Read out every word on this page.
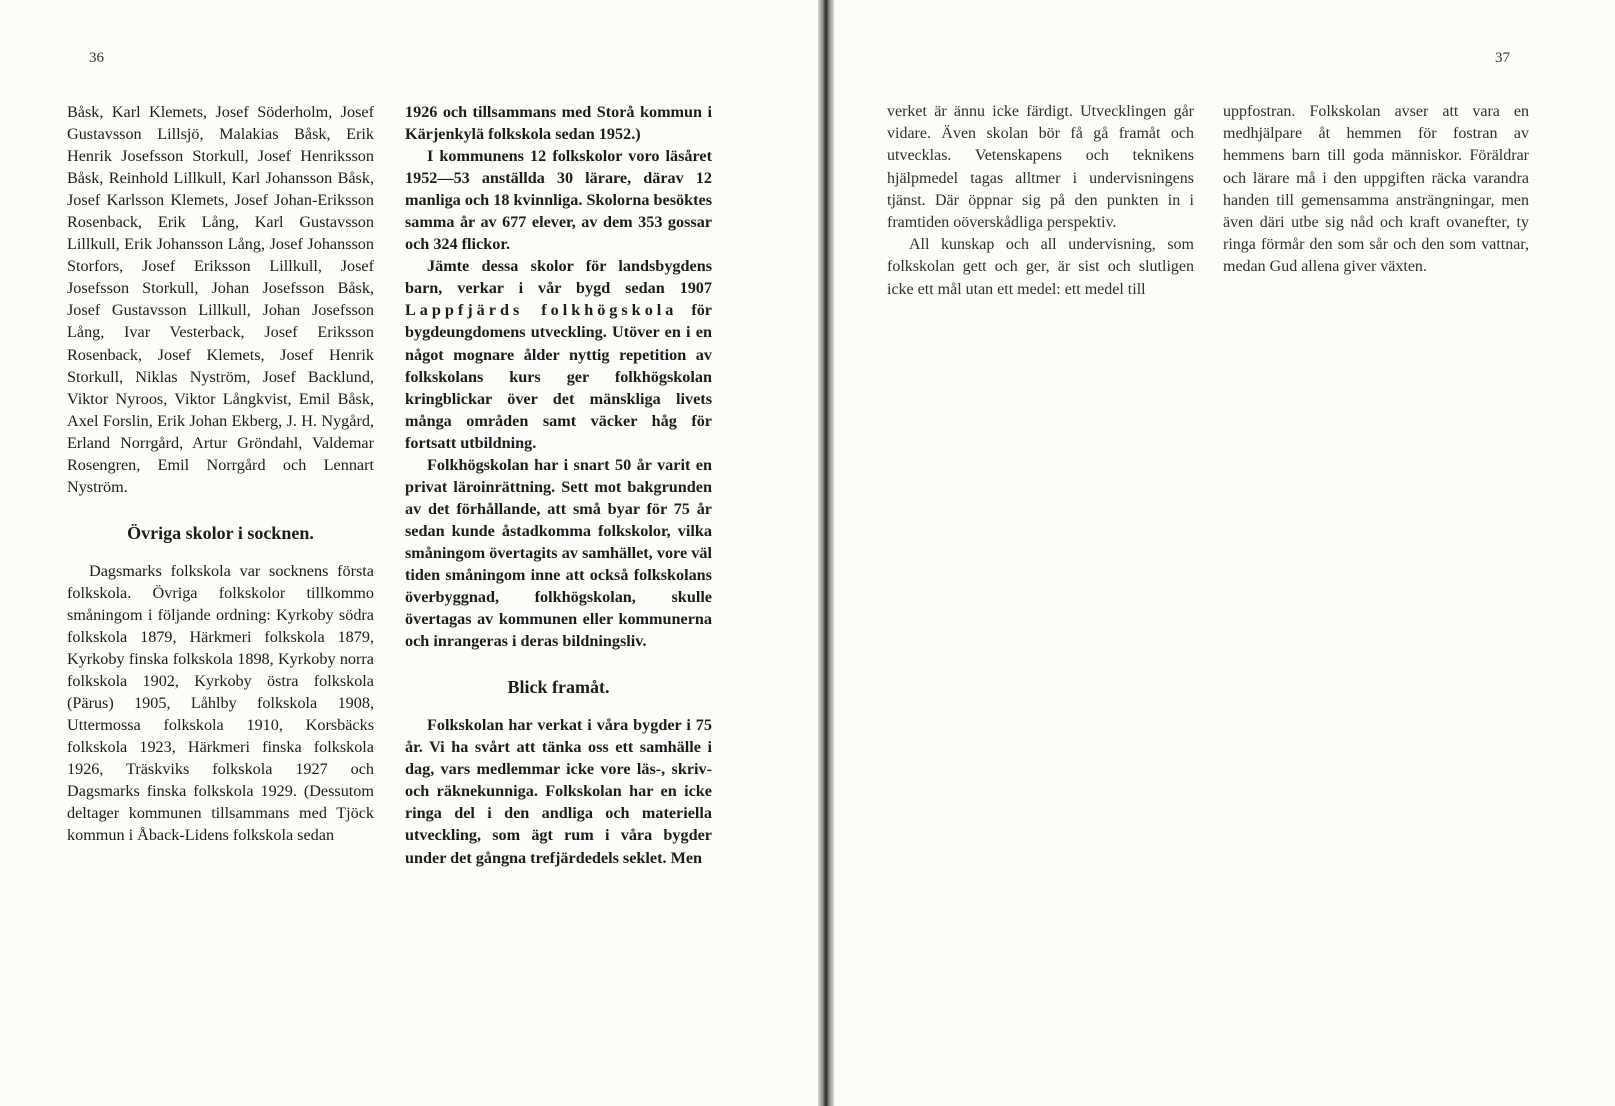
36

Båsk, Karl Klemets, Josef Söderholm, Josef Gustavsson Lillsjö, Malakias Båsk, Erik Henrik Josefsson Storkull, Josef Henriksson Båsk, Reinhold Lillkull, Karl Johansson Båsk, Josef Karlsson Klemets, Josef Johan-Eriksson Rosenback, Erik Lång, Karl Gustavsson Lillkull, Erik Johansson Lång, Josef Johansson Storfors, Josef Eriksson Lillkull, Josef Josefsson Storkull, Johan Josefsson Båsk, Josef Gustavsson Lillkull, Johan Josefsson Lång, Ivar Vesterback, Josef Eriksson Rosenback, Josef Klemets, Josef Henrik Storkull, Niklas Nyström, Josef Backlund, Viktor Nyroos, Viktor Långkvist, Emil Båsk, Axel Forslin, Erik Johan Ekberg, J. H. Nygård, Erland Norrgård, Artur Gröndahl, Valdemar Rosengren, Emil Norrgård och Lennart Nyström.

Övriga skolor i socknen.

Dagsmarks folkskola var socknens första folkskola. Övriga folkskolor tillkommo småningom i följande ordning: Kyrkoby södra folkskola 1879, Härkmeri folkskola 1879, Kyrkoby finska folkskola 1898, Kyrkoby norra folkskola 1902, Kyrkoby östra folkskola (Pärus) 1905, Låhlby folkskola 1908, Uttermossa folkskola 1910, Korsbäcks folkskola 1923, Härkmeri finska folkskola 1926, Träskviks folkskola 1927 och Dagsmarks finska folkskola 1929. (Dessutom deltager kommunen tillsammans med Tjöck kommun i Åback-Lidens folkskola sedan

1926 och tillsammans med Storå kommun i Kärjenkylä folkskola sedan 1952.)

I kommunens 12 folkskolor voro läsåret 1952—53 anställda 30 lärare, därav 12 manliga och 18 kvinnliga. Skolorna besöktes samma år av 677 elever, av dem 353 gossar och 324 flickor.

Jämte dessa skolor för landsbygdens barn, verkar i vår bygd sedan 1907 Lappfjärds folkhögskola för bygdeungdomens utveckling. Utöver en i en något mognare ålder nyttig repetition av folkskolans kurs ger folkhögskolan kringblickar över det mänskliga livets många områden samt väcker håg för fortsatt utbildning.

Folkhögskolan har i snart 50 år varit en privat läroinrättning. Sett mot bakgrunden av det förhållande, att små byar för 75 år sedan kunde åstadkomma folkskolor, vilka småningom övertagits av samhället, vore väl tiden småningom inne att också folkskolans överbyggnad, folkhögskolan, skulle övertagas av kommunen eller kommunerna och inrangeras i deras bildningsliv.

Blick framåt.

Folkskolan har verkat i våra bygder i 75 år. Vi ha svårt att tänka oss ett samhälle i dag, vars medlemmar icke vore läs-, skriv- och räknekunniga. Folkskolan har en icke ringa del i den andliga och materiella utveckling, som ägt rum i våra bygder under det gångna trefjärdedels seklet. Men

37

verket är ännu icke färdigt. Utvecklingen går vidare. Även skolan bör få gå framåt och utvecklas. Vetenskapens och teknikens hjälpmedel tagas alltmer i undervisningens tjänst. Där öppnar sig på den punkten in i framtiden oöverskådliga perspektiv.

All kunskap och all undervisning, som folkskolan gett och ger, är sist och slutligen icke ett mål utan ett medel: ett medel till

uppfostran. Folkskolan avser att vara en medhjälpare åt hemmen för fostran av hemmens barn till goda människor. Föräldrar och lärare må i den uppgiften räcka varandra handen till gemensamma ansträngningar, men även däri utbe sig nåd och kraft ovanefter, ty ringa förmår den som sår och den som vattnar, medan Gud allena giver växten.
